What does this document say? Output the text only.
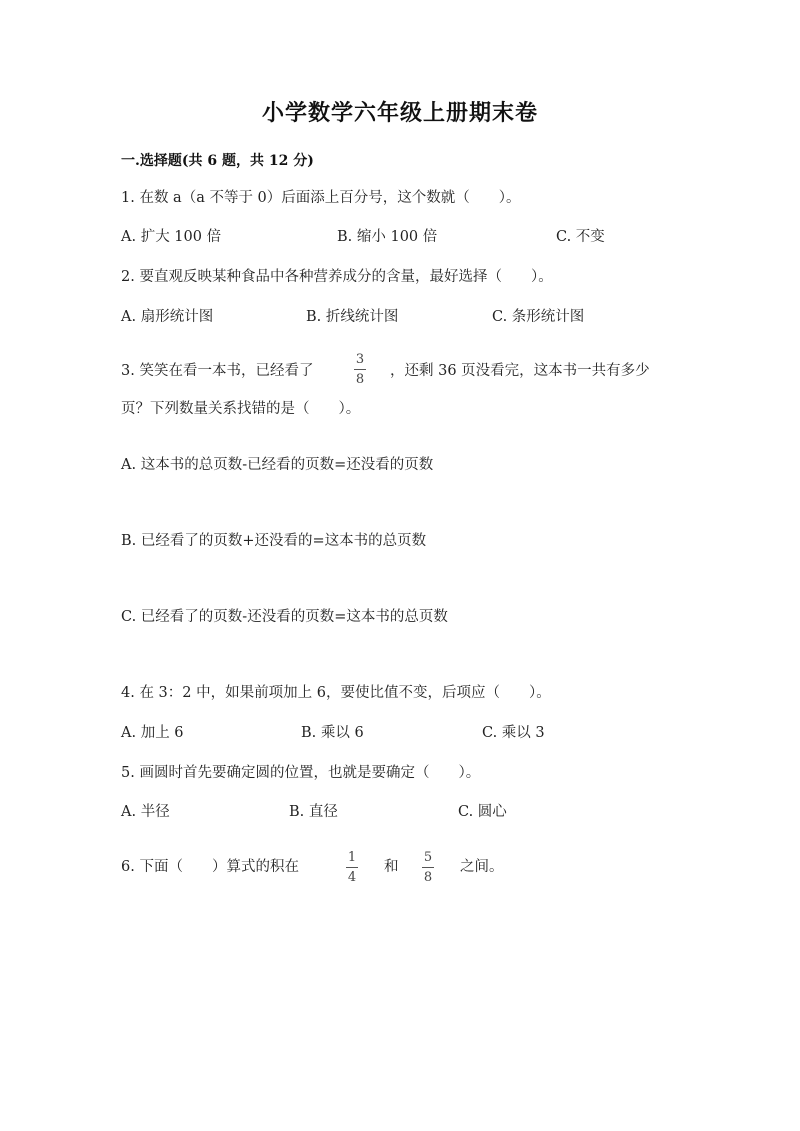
小学数学六年级上册期末卷
一.选择题(共 6 题，共 12 分)
1. 在数 a（a 不等于 0）后面添上百分号，这个数就（　　）。
A. 扩大 100 倍	B. 缩小 100 倍	C. 不变
2. 要直观反映某种食品中各种营养成分的含量，最好选择（　　）。
A. 扇形统计图	B. 折线统计图	C. 条形统计图
3. 笑笑在看一本书，已经看了
3
8
，还剩 36 页没看完，这本书一共有多少
页？下列数量关系找错的是（　　）。
A. 这本书的总页数-已经看的页数=还没看的页数
B. 已经看了的页数+还没看的=这本书的总页数
C. 已经看了的页数-还没看的页数=这本书的总页数
4. 在 3：2 中，如果前项加上 6，要使比值不变，后项应（　　）。
A. 加上 6	B. 乘以 6	C. 乘以 3
5. 画圆时首先要确定圆的位置，也就是要确定（　　）。
A. 半径	B. 直径	C. 圆心
6. 下面（　　）算式的积在
1
4
和
5
8
之间。
